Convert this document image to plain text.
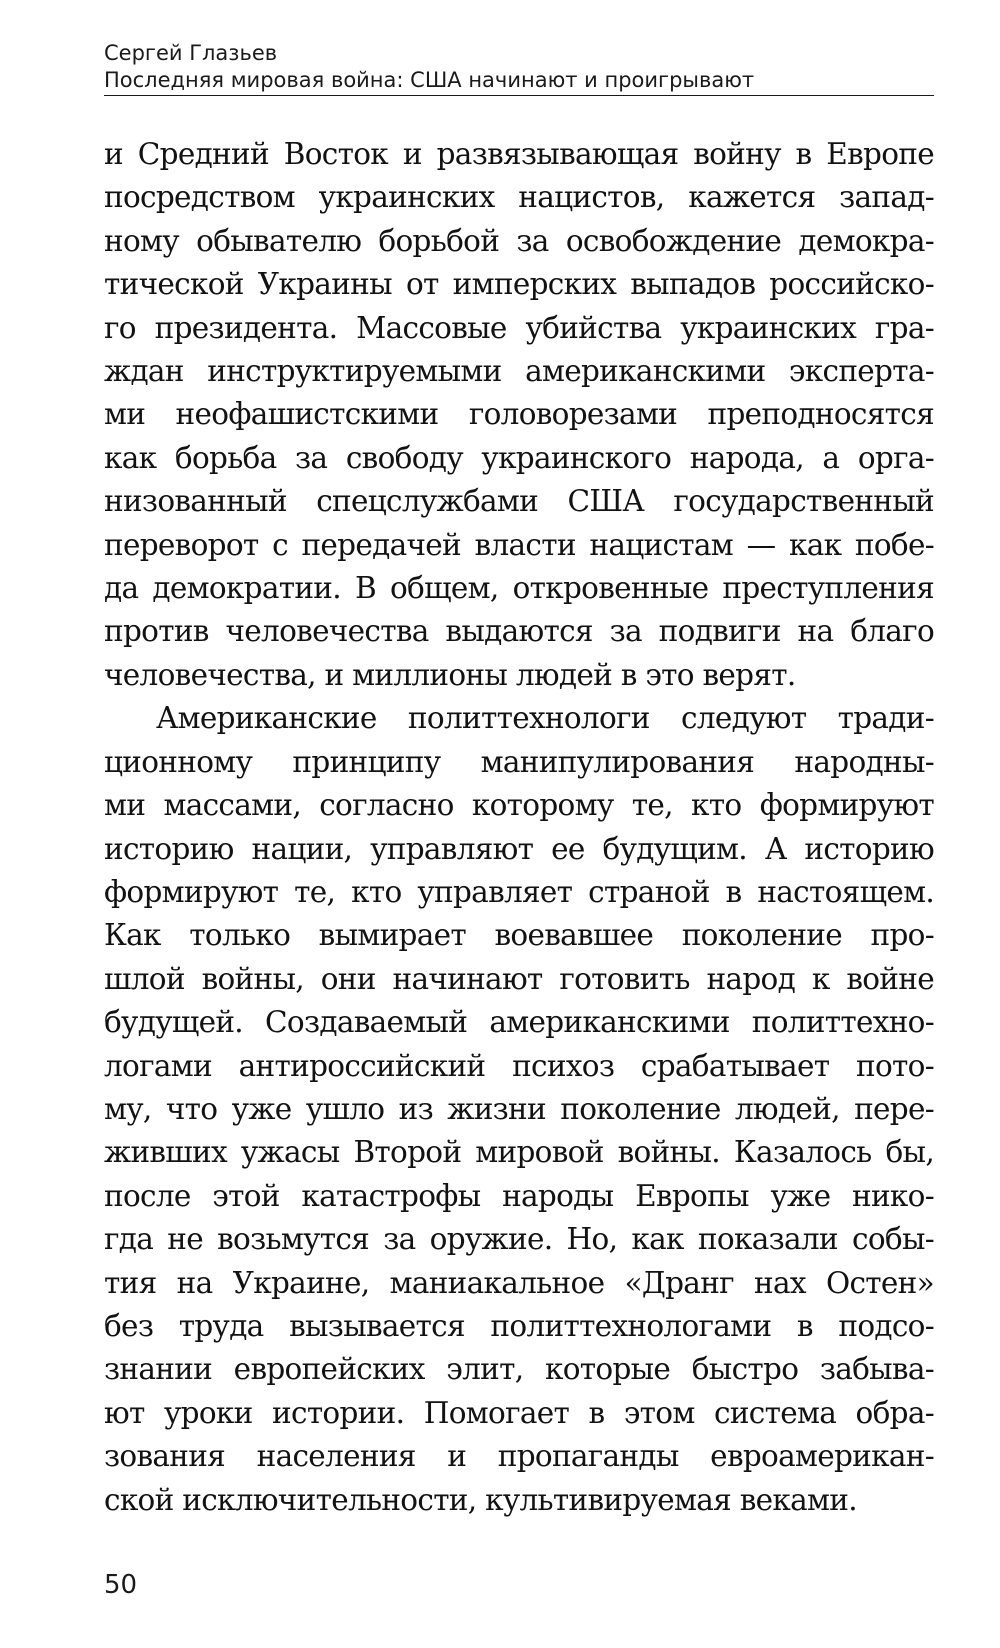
Сергей Глазьев
Последняя мировая война: США начинают и проигрывают
и Средний Восток и развязывающая войну в Европе
посредством украинских нацистов, кажется запад-
ному обывателю борьбой за освобождение демокра-
тической Украины от имперских выпадов российско-
го президента. Массовые убийства украинских гра-
ждан инструктируемыми американскими эксперта-
ми неофашистскими головорезами преподносятся
как борьба за свободу украинского народа, а орга-
низованный спецслужбами США государственный
переворот с передачей власти нацистам — как побе-
да демократии. В общем, откровенные преступления
против человечества выдаются за подвиги на благо
человечества, и миллионы людей в это верят.
Американские политтехнологи следуют тради-
ционному принципу манипулирования народны-
ми массами, согласно которому те, кто формируют
историю нации, управляют ее будущим. А историю
формируют те, кто управляет страной в настоящем.
Как только вымирает воевавшее поколение про-
шлой войны, они начинают готовить народ к войне
будущей. Создаваемый американскими политтехно-
логами антироссийский психоз срабатывает пото-
му, что уже ушло из жизни поколение людей, пере-
живших ужасы Второй мировой войны. Казалось бы,
после этой катастрофы народы Европы уже нико-
гда не возьмутся за оружие. Но, как показали собы-
тия на Украине, маниакальное «Дранг нах Остен»
без труда вызывается политтехнологами в подсо-
знании европейских элит, которые быстро забыва-
ют уроки истории. Помогает в этом система обра-
зования населения и пропаганды евроамерикан-
ской исключительности, культивируемая веками.
50
